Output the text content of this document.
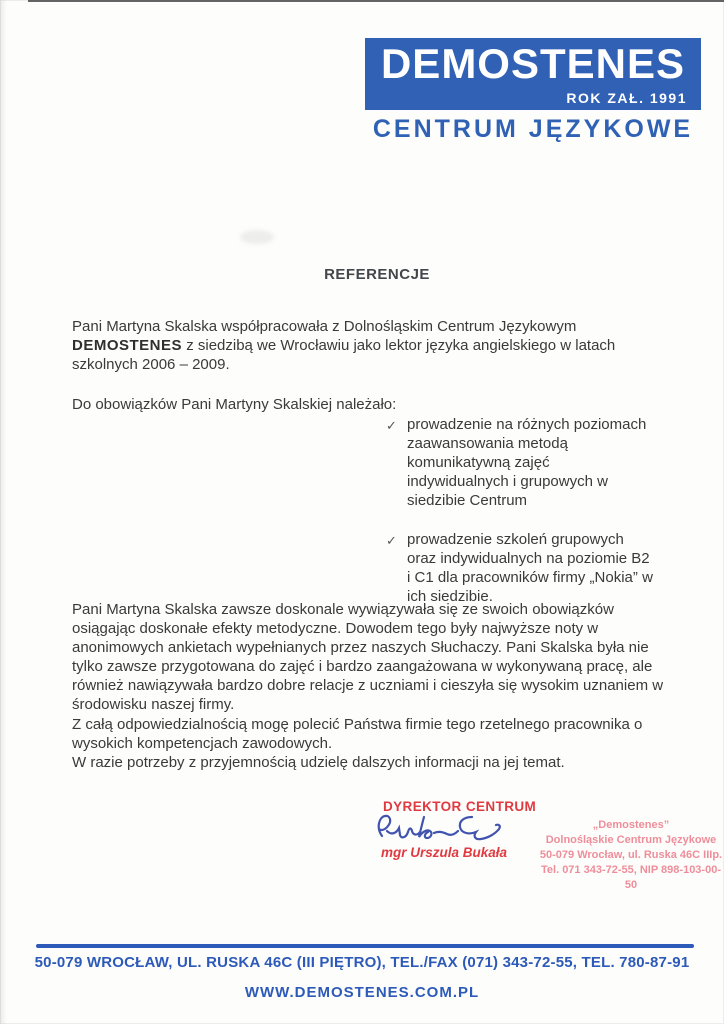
DEMOSTENES
ROK ZAŁ. 1991
CENTRUM JĘZYKOWE
REFERENCJE
Pani Martyna Skalska współpracowała z Dolnośląskim Centrum Językowym
DEMOSTENES z siedzibą we Wrocławiu jako lektor języka angielskiego w latach szkolnych 2006 – 2009.
Do obowiązków Pani Martyny Skalskiej należało:
✓ prowadzenie na różnych poziomach zaawansowania metodą komunikatywną zajęć indywidualnych i grupowych w siedzibie Centrum
✓ prowadzenie szkoleń grupowych oraz indywidualnych na poziomie B2 i C1 dla pracowników firmy „Nokia” w ich siedzibie.
Pani Martyna Skalska zawsze doskonale wywiązywała się ze swoich obowiązków osiągając doskonałe efekty metodyczne. Dowodem tego były najwyższe noty w anonimowych ankietach wypełnianych przez naszych Słuchaczy. Pani Skalska była nie tylko zawsze przygotowana do zajęć i bardzo zaangażowana w wykonywaną pracę, ale również nawiązywała bardzo dobre relacje z uczniami i cieszyła się wysokim uznaniem w środowisku naszej firmy.
Z całą odpowiedzialnością mogę polecić Państwa firmie tego rzetelnego pracownika o wysokich kompetencjach zawodowych.
W razie potrzeby z przyjemnością udzielę dalszych informacji na jej temat.
DYREKTOR CENTRUM
mgr Urszula Bukała
„Demostenes”
Dolnośląskie Centrum Językowe
50-079 Wrocław, ul. Ruska 46C IIIp.
Tel. 071 343-72-55, NIP 898-103-00-50
50-079 WROCŁAW, UL. RUSKA 46C (III PIĘTRO), TEL./FAX (071) 343-72-55, TEL. 780-87-91
WWW.DEMOSTENES.COM.PL
